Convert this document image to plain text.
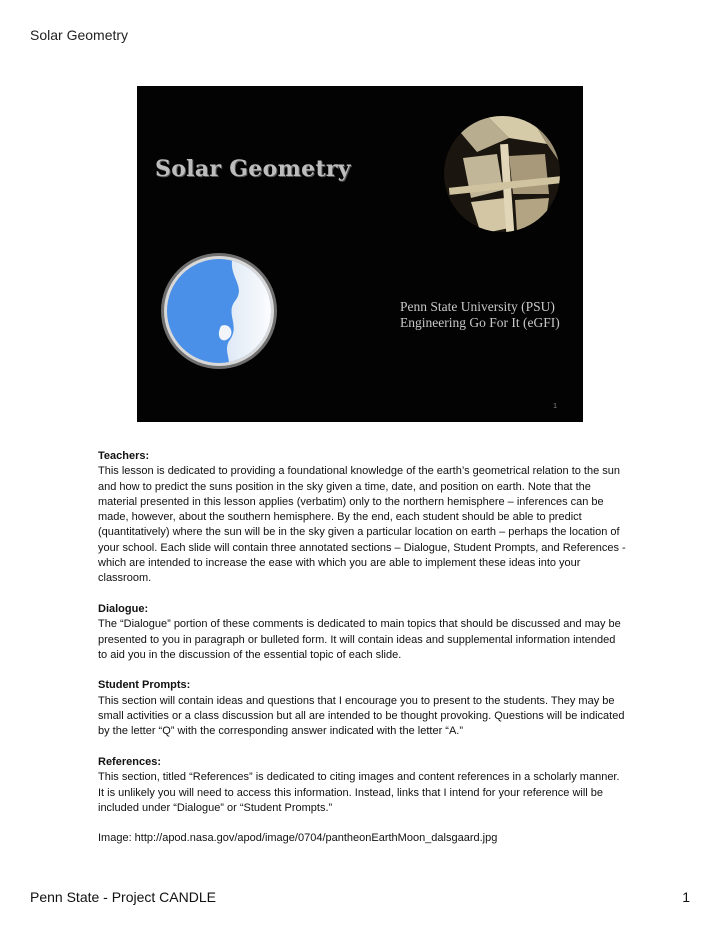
Solar Geometry
Solar Geometry
Penn State University (PSU)
Engineering Go For It (eGFI)
1
Teachers:
This lesson is dedicated to providing a foundational knowledge of the earth’s geometrical relation to the sun and how to predict the suns position in the sky given a time, date, and position on earth. Note that the material presented in this lesson applies (verbatim) only to the northern hemisphere – inferences can be made, however, about the southern hemisphere. By the end, each student should be able to predict (quantitatively) where the sun will be in the sky given a particular location on earth – perhaps the location of your school. Each slide will contain three annotated sections – Dialogue, Student Prompts, and References - which are intended to increase the ease with which you are able to implement these ideas into your classroom.
Dialogue:
The “Dialogue” portion of these comments is dedicated to main topics that should be discussed and may be presented to you in paragraph or bulleted form. It will contain ideas and supplemental information intended to aid you in the discussion of the essential topic of each slide.
Student Prompts:
This section will contain ideas and questions that I encourage you to present to the students. They may be small activities or a class discussion but all are intended to be thought provoking. Questions will be indicated by the letter “Q” with the corresponding answer indicated with the letter “A.”
References:
This section, titled “References” is dedicated to citing images and content references in a scholarly manner. It is unlikely you will need to access this information. Instead, links that I intend for your reference will be included under “Dialogue” or “Student Prompts.”
Image: http://apod.nasa.gov/apod/image/0704/pantheonEarthMoon_dalsgaard.jpg
Penn State - Project CANDLE	1
